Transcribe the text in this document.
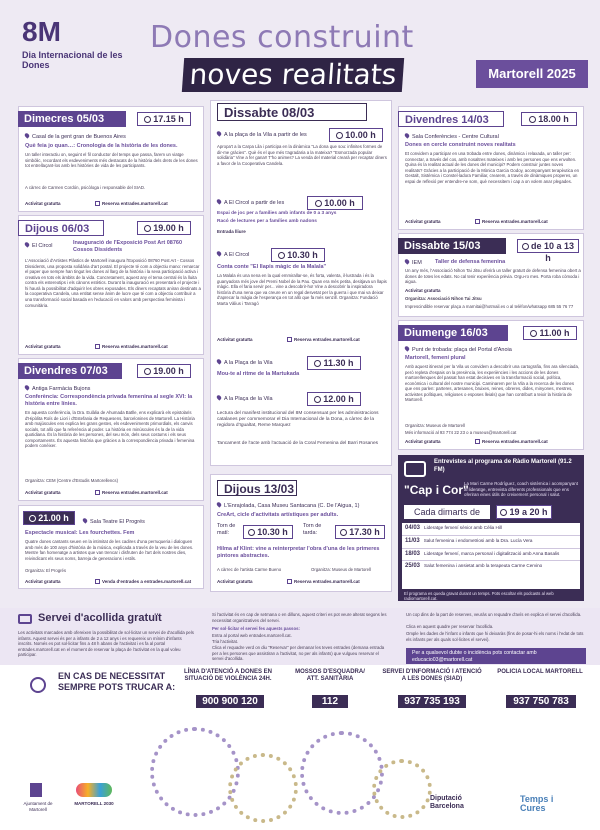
8M
Dia Internacional de les Dones
Dones construint
noves realitats	Martorell 2025
Dimecres 05/03	17.15 h
Casal de la gent gran de Buenos Aires
Què feia jo quan…: Cronologia de la història de les dones.
Un taller interactiu on, seguint el fil conductor del temps que passa, farem un viatge simbòlic, recordant els esdeveniments més destacats de la història dels drets de les dones tot entrellaçant-los amb les històries de vida de les participants.
A càrrec de Carmen Cordón, psicòloga i responsable del SIAD.
Activitat gratuïta	Reserva entrades.martorell.cat
Dijous 06/03	19.00 h
El Circol	Inauguració de l'Exposició Post Art 08760 Cossos Dissidents
L'Associació d'Artistes Plàstics de Martorell inaugura l'Exposició 08760 Post Art - Cossos Dissidents, una proposta solidària d'art postal. El projecte té com a objectiu mano: remarcar el paper que sempre han tingut les dones al llarg de la història i la seva participació activa i creativa en tots els àmbits de la vida. Concretament, aquest any el tema central és la lluita contra els estereotips i els cànons estètics. Durant la inauguració es presentarà el projecte i hi haurà la possibilitat d'adquirir les obres exposades. Els diners recaptats aniran destinats a la cooperativa Candela, una entitat sense ànim de lucre que té com a objectiu contribuir a una transformació social basada en l'educació en valors amb perspectiva feminista i comunitària.
Activitat gratuïta	Reserva entrades.martorell.cat
Divendres 07/03	19.00 h
Antiga Farmàcia Bujons
Conferència: Correspondència privada femenina al segle XVI: la història entre línies.
En aquesta conferència, la Dra. Eulàlia de Ahumada Batlle, ens explicarà els epistolaris d'Hipòlita Roís de Liori i d'Estefania de Requesens, barcelonines de Martorell. La Història amb majúscules ens explica les grans gestes, els esdeveniments primordials, els canvis socials, tot allò que fa referència al poder. La història en minúscules és la de la vida quotidiana. És la història de les persones, del seu món, dels seus costums i els seus comportaments. És aquesta història que gràcies a la correspondència privada i femenina podem conèixer.
Organitza: CEM (Centre d'Estudis Martorellencs)
Activitat gratuïta	Reserva entrades.martorell.cat
21.00 h	Sala Teatre El Progrés
Espectacle musical: Les fourchettes. Fem
Quatre dones cantants seuen en la intimitat de les cadires d'una perruqueria i dialoguen amb més de 100 anys d'història de la música, explicada a través de la veu de les dones. Mentre fan homenatge a artistes que van trencar i disfruten de l'art dels nostres dies, reivindicant els seus noms, barreja de generacions i estils.
Organitza: El Progrés
Activitat gratuïta	Venda d'entrades a entrades.martorell.cat
Dissabte 08/03
A la plaça de la Vila a partir de les	10.00 h
Apropa't a la Carpa Lila i participa en la dinàmica "La dona que sou: infinites formes de dir-me gràcies". Què és el que més t'agradaria a la mateixa? "Esmorzada popular solidària" Vine a fer gana!! T'ho animes? La venda del material crearà per recaptar diners a favor de la Cooperativa Candela.
A El Circol a partir de les	10.00 h
Espai de joc per a famílies amb infants de 0 a 3 anys
Racó de lectures per a famílies amb nadons
Entrada lliure
A El Circol	10.30 h
Conta conte "El llapis màgic de la Malala"
La Malala és una nena en la qual emmirallar-se, és forta, valenta, il·lustrada i és la guanyadora més jove del Premi Nobel de la Pau. Quan era més petita, desitjava un llapis màgic. Ella el faria servir per... vine a descobrir-ho! Vine a descobrir la inspiradora història d'una nena que va creure en un regal desvetat per la guerra i que mai va deixar d'aprecar la màgia de l'esperança en tot allò que fa més senzill. Organitza: Fundació Marta Vàlius i Tarragó
Activitat gratuïta	Reserva entrades.martorell.cat
A la Plaça de la Vila	11.30 h
Mou-te al ritme de la Martukada
A la Plaça de la Vila	12.00 h
Lectura del manifest institucional del 8M consensuat per les administracions catalanes per commemorar el Dia Internacional de la Dona, a càrrec de la regidora d'Igualtat, Reme Marquez
Tancament de l'acte amb l'actuació de la Coral Femenina del Barri Rosanes
Dijous 13/03
L'Enrajolada, Casa Museu Santacana (C. De l'Aigua, 1)
CreArt, cicle d'activitats artístiques per adults.
Torn de matí:	10.30 h
Torn de tarda:	17.30 h
Hilma af Klint: vine a reinterpretar l'obra d'una de les primeres pintores abstractes.
A càrrec de l'artista Carme Bueno	Organitza: Museus de Martorell
Activitat gratuïta	Reserva entrades.martorell.cat
Divendres 14/03	18.00 h
Sala Conferències - Centre Cultural
Dones en cercle construint noves realitats
Et convidem a participar en una trobada entre dones, dinàmica i relaxada, un taller per: connectar, a través del cos, amb nosaltres mateixes i amb les persones que ens envolten. Quina és la realitat actual de les dones del municipi? Podem construir juntes noves realitats? Gràcies a la participació de la Mònica Garcia Godoy, acompanyant terapèutica en Gestalt, Sistèmica i Constel·ladora Familiar, crearem, a través de dinàmiques properes, un espai de reflexió per entendre-ne som, què necessitem i cap a on volem anar plegades.
Activitat gratuïta	Reserva entrades.martorell.cat
Dissabte 15/03	de 10 a 13 h
IEM Taller de defensa femenina
Un any més, l'Associació Nihon Tai Jitsu oferirà un taller gratuït de defensa femenina obert a dones de totes les edats. No cal tenir experiència prèvia. Orgu-ro mes. Porta roba còmoda i aigua.
Activitat gratuïta
Organitza: Associació Nihon Tai Jitsu
Imprescindible reservar plaça a marnitai@hotmail.es o al telèfon/whatsapp 685 55 76 77
Diumenge 16/03	11.00 h
Punt de trobada: plaça del Portal d'Anoia
Martorell, femení plural
Amb aquest itinerari per la Vila us convidem a descobrir una cartografia, fins ara silenciada, però repleta d'espais on la presència, les experiències i les accions de les dones martorellenques del passat han estat decisives en la transformació social, política, econòmica i cultural del nostre municipi. Caminarem per la Vila a la recerca de les dones que ens parlen: parteres, artesanes, bruixes, reines, obreres, dides, minyones, mestres, activistes polítiques, religioses o esposes lleials) que han contribuït a teixir la història de Martorell.
Organitza: Museus de Martorell
Més informació al 93 774 22 23 o a museus@martorell.cat
Activitat gratuïta	Reserva entrades.martorell.cat
Entrevistes al programa de Ràdio Martorell (91.2 FM)
"Cap i Cor"
La Mari Carme Rodríguez, coach sistèmica i acompanyant al lideratge, entrevista diferents professionals que ens oferiran eines útils de creixement personal i salut.
Cada dimarts de	19 a 20 h
04/03 Lideratge femení sènior amb Cèlia Hill
11/03 Salut femenina i endometriosi amb la Dra. Lucía Vera
18/03 Lideratge femení, marca personal i digitalització amb Anna Basalis
25/03 Salut femenina i ansietat amb la terapeuta Carme Cervino
El programa es queda gravat durant un temps. Pots escoltar els podcasts al web radiomartorell.cat.
Servei d'acollida gratuït
Les activitats marcades amb ofereixen la possibilitat de sol·licitar un servei de d'acollida pels infants. Aquest servei és per a infants de 2 a 12 anys i es requereix un mínim d'infants inscrits. Només es pot sol·licitar fins a 48 h abans de l'activitat i es fa al portal entrades.martorell.cat en el moment de reservar la plaça de l'activitat en la qual voleu participar.
Si l'activitat és en cap de setmana o en dilluns, aquest criteri es pot veure alterat segons les necessitat organitzatives del servei.
Per sol·licitar el servei fes aquests passos:
Entra al portal web entrades.martorell.cat.
Tria l'activitat.
Clica el requadre verd on diu "Reservar" per demanar les teves entrades (demana entrada per a les persones que assistiran a l'activitat, no per als infants) que vulgueu reservar el servei d'acollida.
Un cop dins de la part de reserves, veuràs un requadre d'avís en explica el servei d'acollida.
Clica en aquest quadre per reservar l'acollida.
Omple les dades de l'infant o infants que hi deixaràs (fins de posar-hi els noms i l'edat de tots els infants per als quals sol·licites el servei).
Per a qualsevol dubte o incidència pots contactar amb educacio03@martorell.cat
EN CAS DE NECESSITAT SEMPRE POTS TRUCAR A:
LÍNIA D'ATENCIÓ A DONES EN SITUACIÓ DE VIOLÈNCIA 24H.
900 900 120
MOSSOS D'ESQUADRA/ ATT. SANITÀRIA
112
SERVEI D'INFORMACIÓ I ATENCIÓ A LES DONES (SIAD)
937 735 193
POLICIA LOCAL MARTORELL
937 750 783
Ajuntament de Martorell
MARTORELL 2030
Diputació Barcelona
Temps i Cures
